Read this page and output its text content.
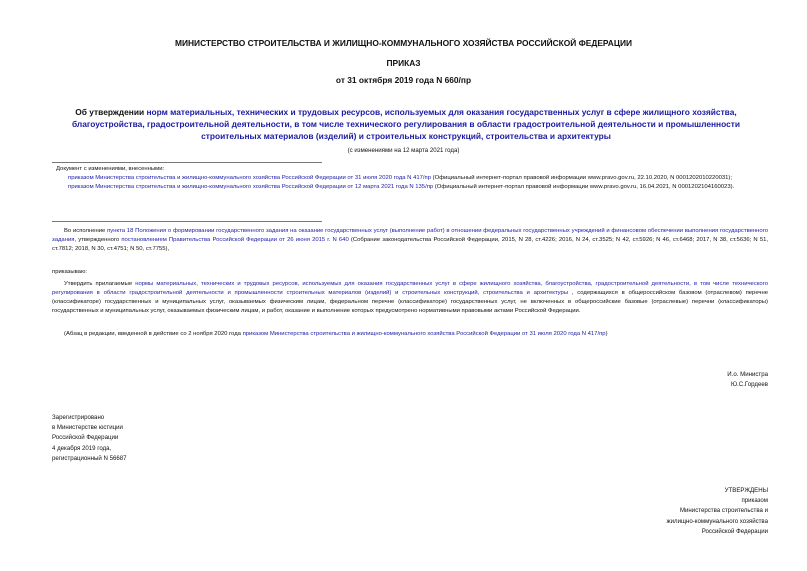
МИНИСТЕРСТВО СТРОИТЕЛЬСТВА И ЖИЛИЩНО-КОММУНАЛЬНОГО ХОЗЯЙСТВА РОССИЙСКОЙ ФЕДЕРАЦИИ
ПРИКАЗ
от 31 октября 2019 года N 660/пр
Об утверждении норм материальных, технических и трудовых ресурсов, используемых для оказания государственных услуг в сфере жилищного хозяйства, благоустройства, градостроительной деятельности, в том числе технического регулирования в области градостроительной деятельности и промышленности строительных материалов (изделий) и строительных конструкций, строительства и архитектуры
(с изменениями на 12 марта 2021 года)
Документ с изменениями, внесенными:
приказом Министерства строительства и жилищно-коммунального хозяйства Российской Федерации от 31 июля 2020 года N 417/пр (Официальный интернет-портал правовой информации www.pravo.gov.ru, 22.10.2020, N 0001202010220031);
приказом Министерства строительства и жилищно-коммунального хозяйства Российской Федерации от 12 марта 2021 года N 135/пр (Официальный интернет-портал правовой информации www.pravo.gov.ru, 16.04.2021, N 0001202104160023).
Во исполнение пункта 18 Положения о формировании государственного задания на оказание государственных услуг (выполнение работ) в отношении федеральных государственных учреждений и финансовом обеспечении выполнения государственного задания, утвержденного постановлением Правительства Российской Федерации от 26 июня 2015 г. N 640 (Собрание законодательства Российской Федерации, 2015, N 28, ст.4226; 2016, N 24, ст.3525; N 42, ст.5926; N 46, ст.6468; 2017, N 38, ст.5636; N 51, ст.7812; 2018, N 30, ст.4751; N 50, ст.7755),
приказываю:
Утвердить прилагаемые нормы материальных, технических и трудовых ресурсов, используемых для оказания государственных услуг в сфере жилищного хозяйства, благоустройства, градостроительной деятельности, в том числе технического регулирования в области градостроительной деятельности и промышленности строительных материалов (изделий) и строительных конструкций, строительства и архитектуры , содержащихся в общероссийском базовом (отраслевом) перечне (классификаторе) государственных и муниципальных услуг, оказываемых физическим лицам, федеральном перечне (классификаторе) государственных услуг, не включенных в общероссийские базовые (отраслевые) перечни (классификаторы) государственных и муниципальных услуг, оказываемых физическим лицам, и работ, оказание и выполнение которых предусмотрено нормативными правовыми актами Российской Федерации.
(Абзац в редакции, введенной в действие со 2 ноября 2020 года приказом Министерства строительства и жилищно-коммунального хозяйства Российской Федерации от 31 июля 2020 года N 417/пр)
И.о. Министра
Ю.С.Гордеев
Зарегистрировано
в Министерстве юстиции
Российской Федерации
4 декабря 2019 года,
регистрационный N 56687
УТВЕРЖДЕНЫ
приказом
Министерства строительства и
жилищно-коммунального хозяйства
Российской Федерации
